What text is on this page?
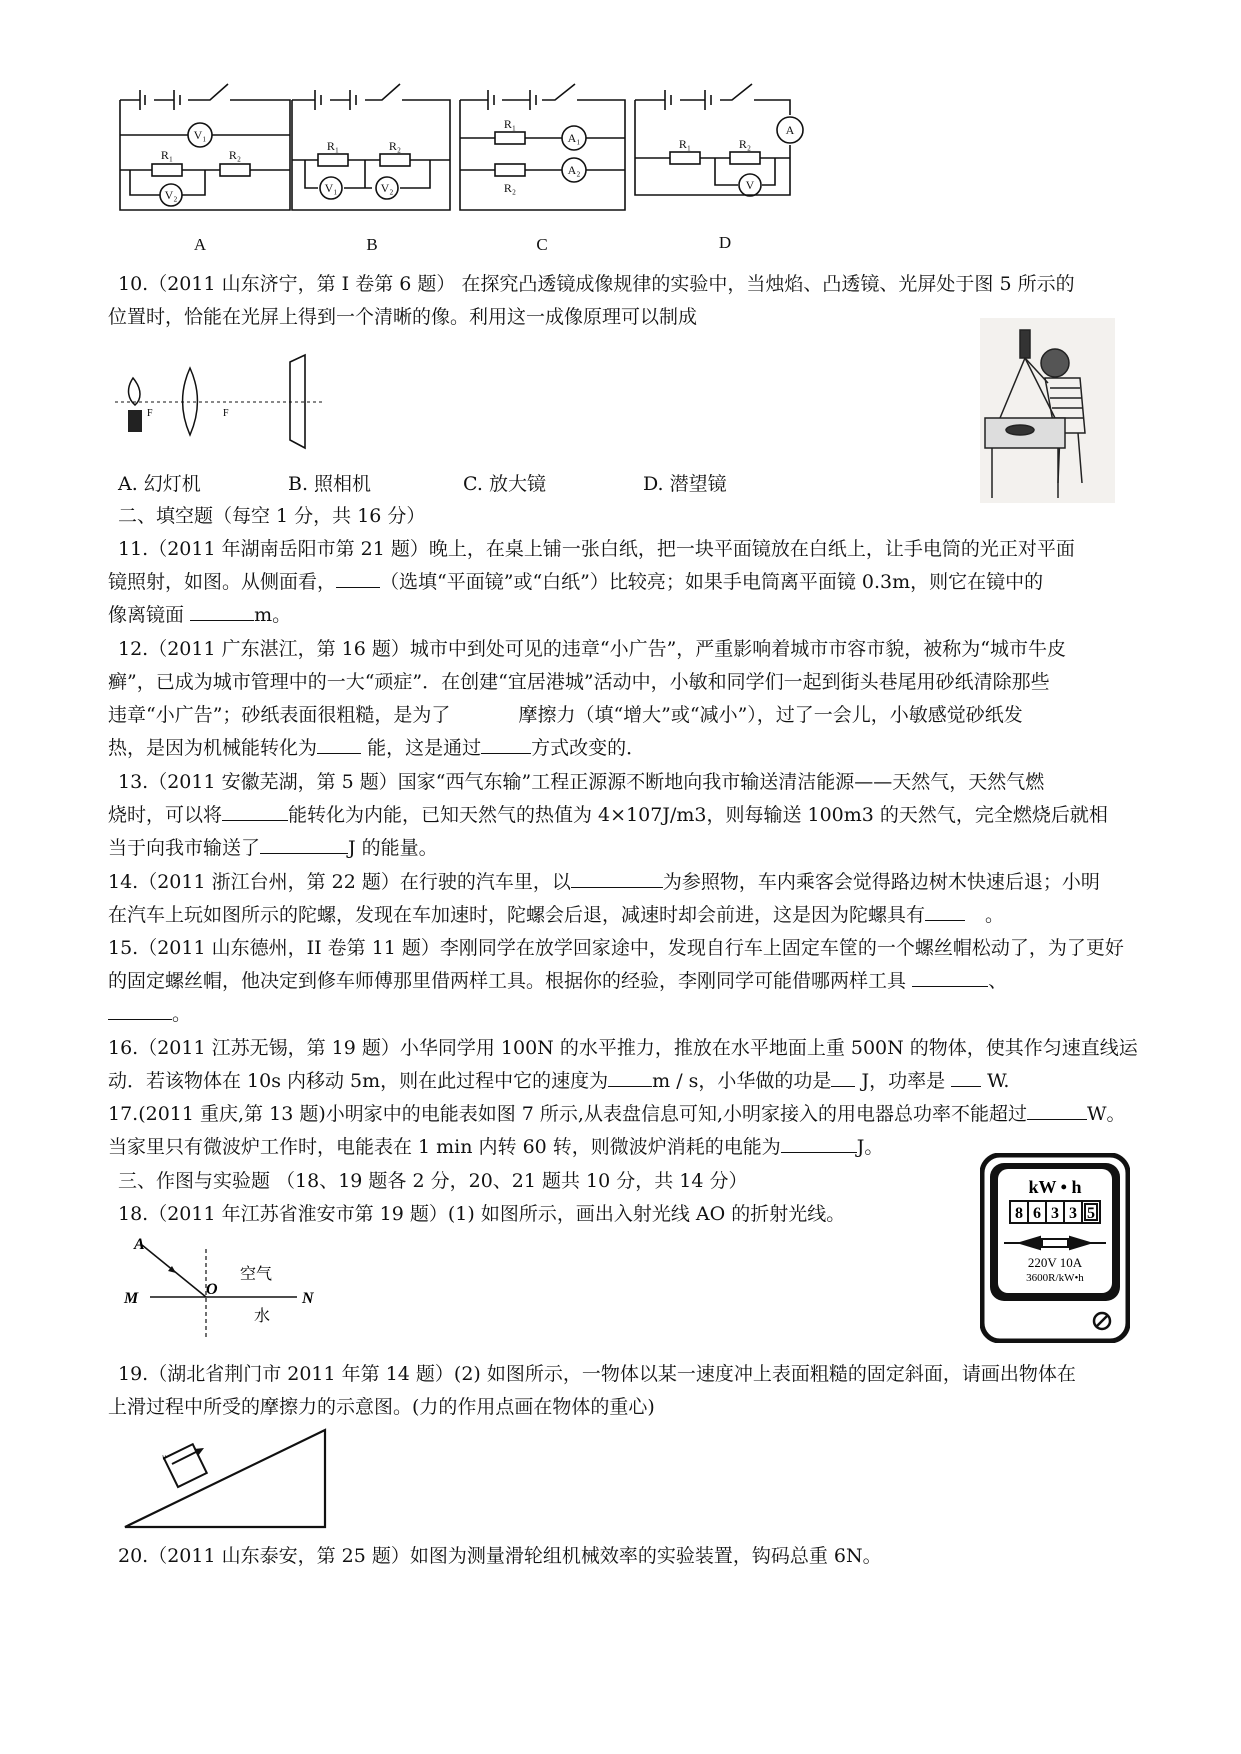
V₁
V₂
R₁	R₂
V₁	V₂
R₁	R₂
R₁
R₂
A₁
A₂
R₁	R₂
A
V
A	B	C	D
10.（2011 山东济宁，第 I 卷第 6 题） 在探究凸透镜成像规律的实验中，当烛焰、凸透镜、光屏处于图 5 所示的
位置时，恰能在光屏上得到一个清晰的像。利用这一成像原理可以制成
F	F
A. 幻灯机	B. 照相机	C. 放大镜	D. 潜望镜
二、填空题（每空 1 分，共 16 分）
11.（2011 年湖南岳阳市第 21 题）晚上，在桌上铺一张白纸，把一块平面镜放在白纸上，让手电筒的光正对平面
镜照射，如图。从侧面看， （选填“平面镜”或“白纸”）比较亮；如果手电筒离平面镜 0.3m，则它在镜中的
像离镜面	m。
12.（2011 广东湛江，第 16 题）城市中到处可见的违章“小广告”，严重影响着城市市容市貌，被称为“城市牛皮
癣”，已成为城市管理中的一大“顽症”．在创建“宜居港城”活动中，小敏和同学们一起到街头巷尾用砂纸清除那些
违章“小广告”；砂纸表面很粗糙，是为了	摩擦力（填“增大”或“减小”），过了一会儿，小敏感觉砂纸发
热，是因为机械能转化为	能，这是通过	方式改变的．
13.（2011 安徽芜湖，第 5 题）国家“西气东输”工程正源源不断地向我市输送清洁能源——天然气，天然气燃
烧时，可以将	能转化为内能，已知天然气的热值为 4×107J/m3，则每输送 100m3 的天然气，完全燃烧后就相
当于向我市输送了	J 的能量。
14.（2011 浙江台州，第 22 题）在行驶的汽车里，以	为参照物，车内乘客会觉得路边树木快速后退；小明
在汽车上玩如图所示的陀螺，发现在车加速时，陀螺会后退，减速时却会前进，这是因为陀螺具有	。
15.（2011 山东德州，II 卷第 11 题）李刚同学在放学回家途中，发现自行车上固定车筐的一个螺丝帽松动了，为了更好
的固定螺丝帽，他决定到修车师傅那里借两样工具。根据你的经验，李刚同学可能借哪两样工具	、
。
16.（2011 江苏无锡，第 19 题）小华同学用 100N 的水平推力，推放在水平地面上重 500N 的物体，使其作匀速直线运
动．若该物体在 10s 内移动 5m，则在此过程中它的速度为 m / s，小华做的功是 J，功率是 W.
17.(2011 重庆,第 13 题)小明家中的电能表如图 7 所示,从表盘信息可知,小明家接入的用电器总功率不能超过	W。
当家里只有微波炉工作时，电能表在 1 min 内转 60 转，则微波炉消耗的电能为	J。
三、作图与实验题 （18、19 题各 2 分，20、21 题共 10 分，共 14 分）	kW • h
8 6 3 3 5
220V 10A
3600R/kW•h
18.（2011 年江苏省淮安市第 19 题）(1) 如图所示，画出入射光线 AO 的折射光线。
A
O
M	N
空气
水
19.（湖北省荆门市 2011 年第 14 题）(2) 如图所示，一物体以某一速度冲上表面粗糙的固定斜面，请画出物体在
上滑过程中所受的摩擦力的示意图。(力的作用点画在物体的重心)
v
20.（2011 山东泰安，第 25 题）如图为测量滑轮组机械效率的实验装置，钩码总重 6N。
